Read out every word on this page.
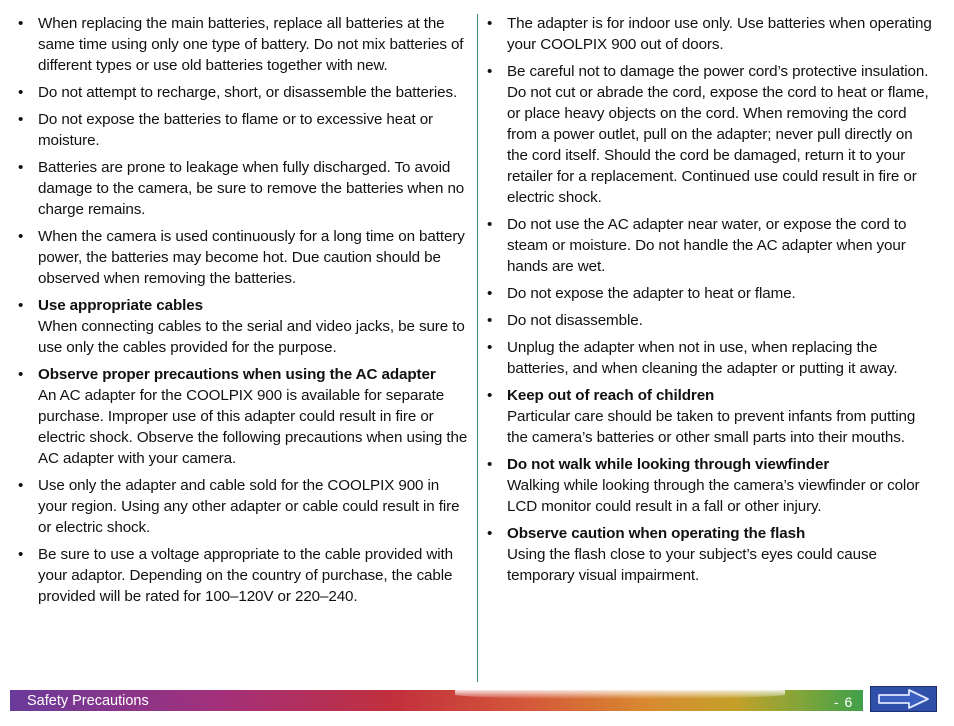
• When replacing the main batteries, replace all batteries at the same time using only one type of battery. Do not mix batteries of different types or use old batteries together with new.
• Do not attempt to recharge, short, or disassemble the batteries.
• Do not expose the batteries to flame or to excessive heat or moisture.
• Batteries are prone to leakage when fully discharged. To avoid damage to the camera, be sure to remove the batteries when no charge remains.
• When the camera is used continuously for a long time on battery power, the batteries may become hot. Due caution should be observed when removing the batteries.
• Use appropriate cables
When connecting cables to the serial and video jacks, be sure to use only the cables provided for the purpose.
• Observe proper precautions when using the AC adapter
An AC adapter for the COOLPIX 900 is available for separate purchase. Improper use of this adapter could result in fire or electric shock. Observe the following precautions when using the AC adapter with your camera.
• Use only the adapter and cable sold for the COOLPIX 900 in your region. Using any other adapter or cable could result in fire or electric shock.
• Be sure to use a voltage appropriate to the cable provided with your adaptor. Depending on the country of purchase, the cable provided will be rated for 100–120V or 220–240.
• The adapter is for indoor use only. Use batteries when operating your COOLPIX 900 out of doors.
• Be careful not to damage the power cord’s protective insulation. Do not cut or abrade the cord, expose the cord to heat or flame, or place heavy objects on the cord. When removing the cord from a power outlet, pull on the adapter; never pull directly on the cord itself. Should the cord be damaged, return it to your retailer for a replacement. Continued use could result in fire or electric shock.
• Do not use the AC adapter near water, or expose the cord to steam or moisture. Do not handle the AC adapter when your hands are wet.
• Do not expose the adapter to heat or flame.
• Do not disassemble.
• Unplug the adapter when not in use, when replacing the batteries, and when cleaning the adapter or putting it away.
• Keep out of reach of children
Particular care should be taken to prevent infants from putting the camera’s batteries or other small parts into their mouths.
• Do not walk while looking through viewfinder
Walking while looking through the camera’s viewfinder or color LCD monitor could result in a fall or other injury.
• Observe caution when operating the flash
Using the flash close to your subject’s eyes could cause temporary visual impairment.
Safety Precautions	- 6 -
